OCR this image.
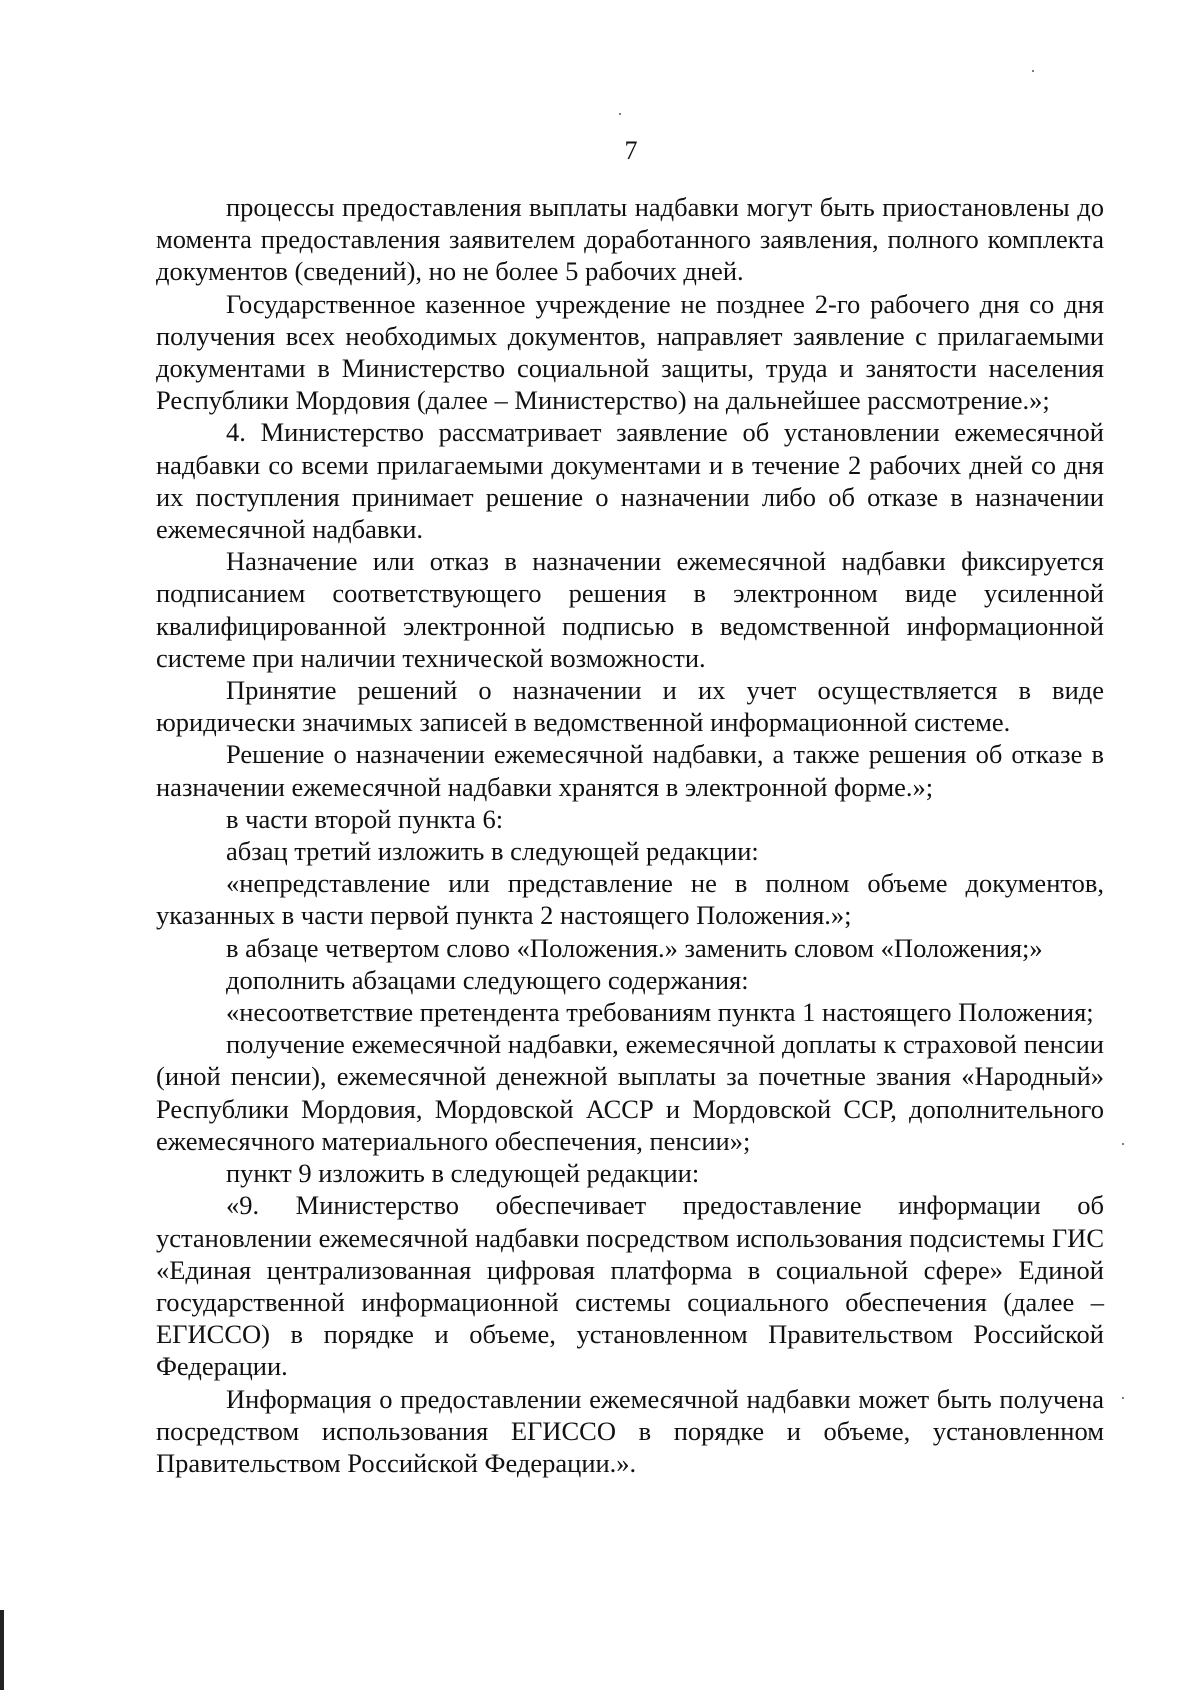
7

процессы предоставления выплаты надбавки могут быть приостановлены до момента предоставления заявителем доработанного заявления, полного комплекта документов (сведений), но не более 5 рабочих дней.

Государственное казенное учреждение не позднее 2-го рабочего дня со дня получения всех необходимых документов, направляет заявление с прилагаемыми документами в Министерство социальной защиты, труда и занятости населения Республики Мордовия (далее – Министерство) на дальнейшее рассмотрение.»;

4. Министерство рассматривает заявление об установлении ежемесячной надбавки со всеми прилагаемыми документами и в течение 2 рабочих дней со дня их поступления принимает решение о назначении либо об отказе в назначении ежемесячной надбавки.

Назначение или отказ в назначении ежемесячной надбавки фиксируется подписанием соответствующего решения в электронном виде усиленной квалифицированной электронной подписью в ведомственной информационной системе при наличии технической возможности.

Принятие решений о назначении и их учет осуществляется в виде юридически значимых записей в ведомственной информационной системе.

Решение о назначении ежемесячной надбавки, а также решения об отказе в назначении ежемесячной надбавки хранятся в электронной форме.»;

в части второй пункта 6:

абзац третий изложить в следующей редакции:

«непредставление или представление не в полном объеме документов, указанных в части первой пункта 2 настоящего Положения.»;

в абзаце четвертом слово «Положения.» заменить словом «Положения;»

дополнить абзацами следующего содержания:

«несоответствие претендента требованиям пункта 1 настоящего Положения;

получение ежемесячной надбавки, ежемесячной доплаты к страховой пенсии (иной пенсии), ежемесячной денежной выплаты за почетные звания «Народный» Республики Мордовия, Мордовской АССР и Мордовской ССР, дополнительного ежемесячного материального обеспечения, пенсии»;

пункт 9 изложить в следующей редакции:

«9. Министерство обеспечивает предоставление информации об установлении ежемесячной надбавки посредством использования подсистемы ГИС «Единая централизованная цифровая платформа в социальной сфере» Единой государственной информационной системы социального обеспечения (далее – ЕГИССО) в порядке и объеме, установленном Правительством Российской Федерации.

Информация о предоставлении ежемесячной надбавки может быть получена посредством использования ЕГИССО в порядке и объеме, установленном Правительством Российской Федерации.».
